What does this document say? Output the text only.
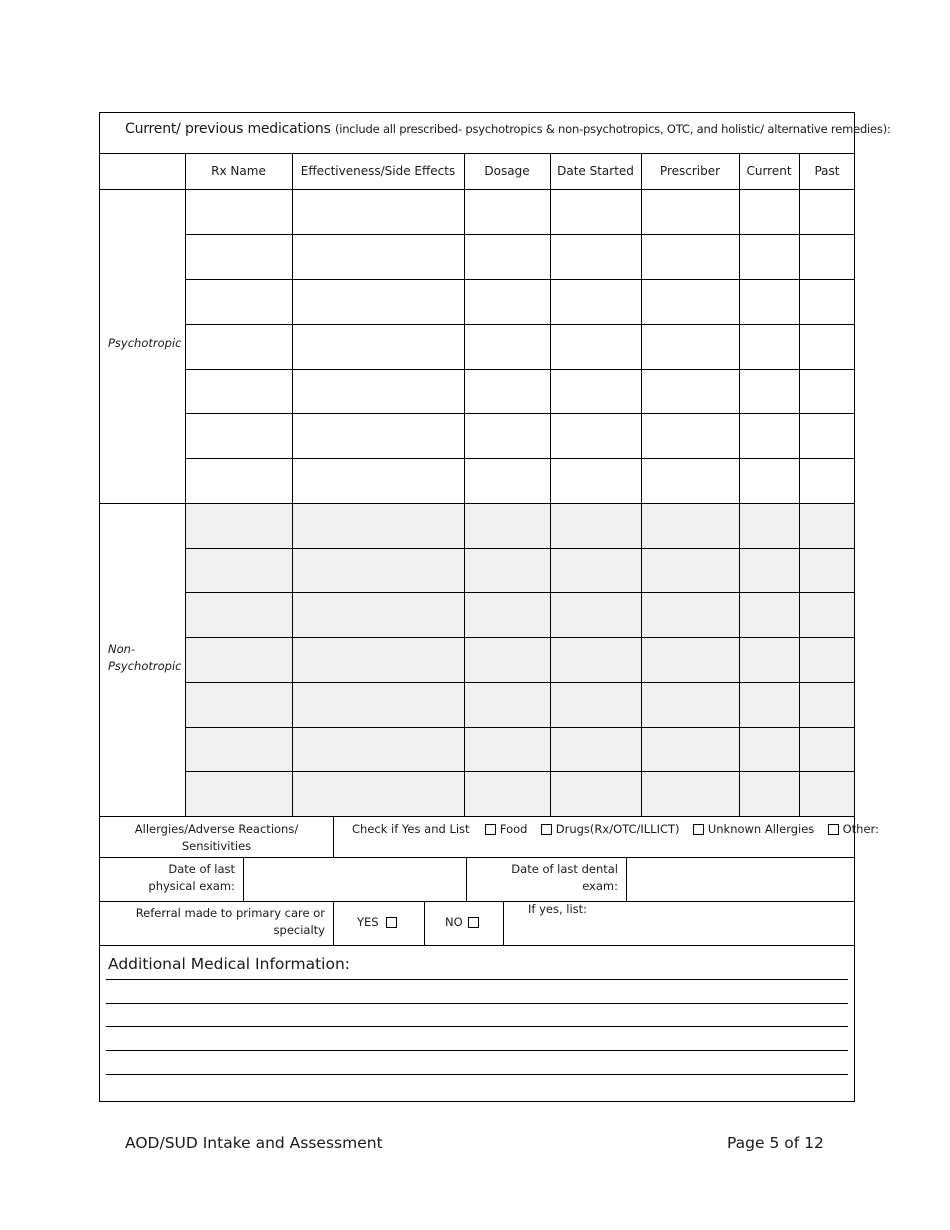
Current/ previous medications (include all prescribed- psychotropics & non-psychotropics, OTC, and holistic/ alternative remedies):
Rx Name	Effectiveness/Side Effects	Dosage	Date Started	Prescriber	Current	Past
Psychotropic
Non-
Psychotropic
Allergies/Adverse Reactions/
Sensitivities
Check if Yes and List	Food Drugs(Rx/OTC/ILLICT) Unknown Allergies Other:
Date of last
physical exam:
Date of last dental
exam:
Referral made to primary care or
specialty
YES	NO
If yes, list:
Additional Medical Information:
AOD/SUD Intake and Assessment	Page 5 of 12
